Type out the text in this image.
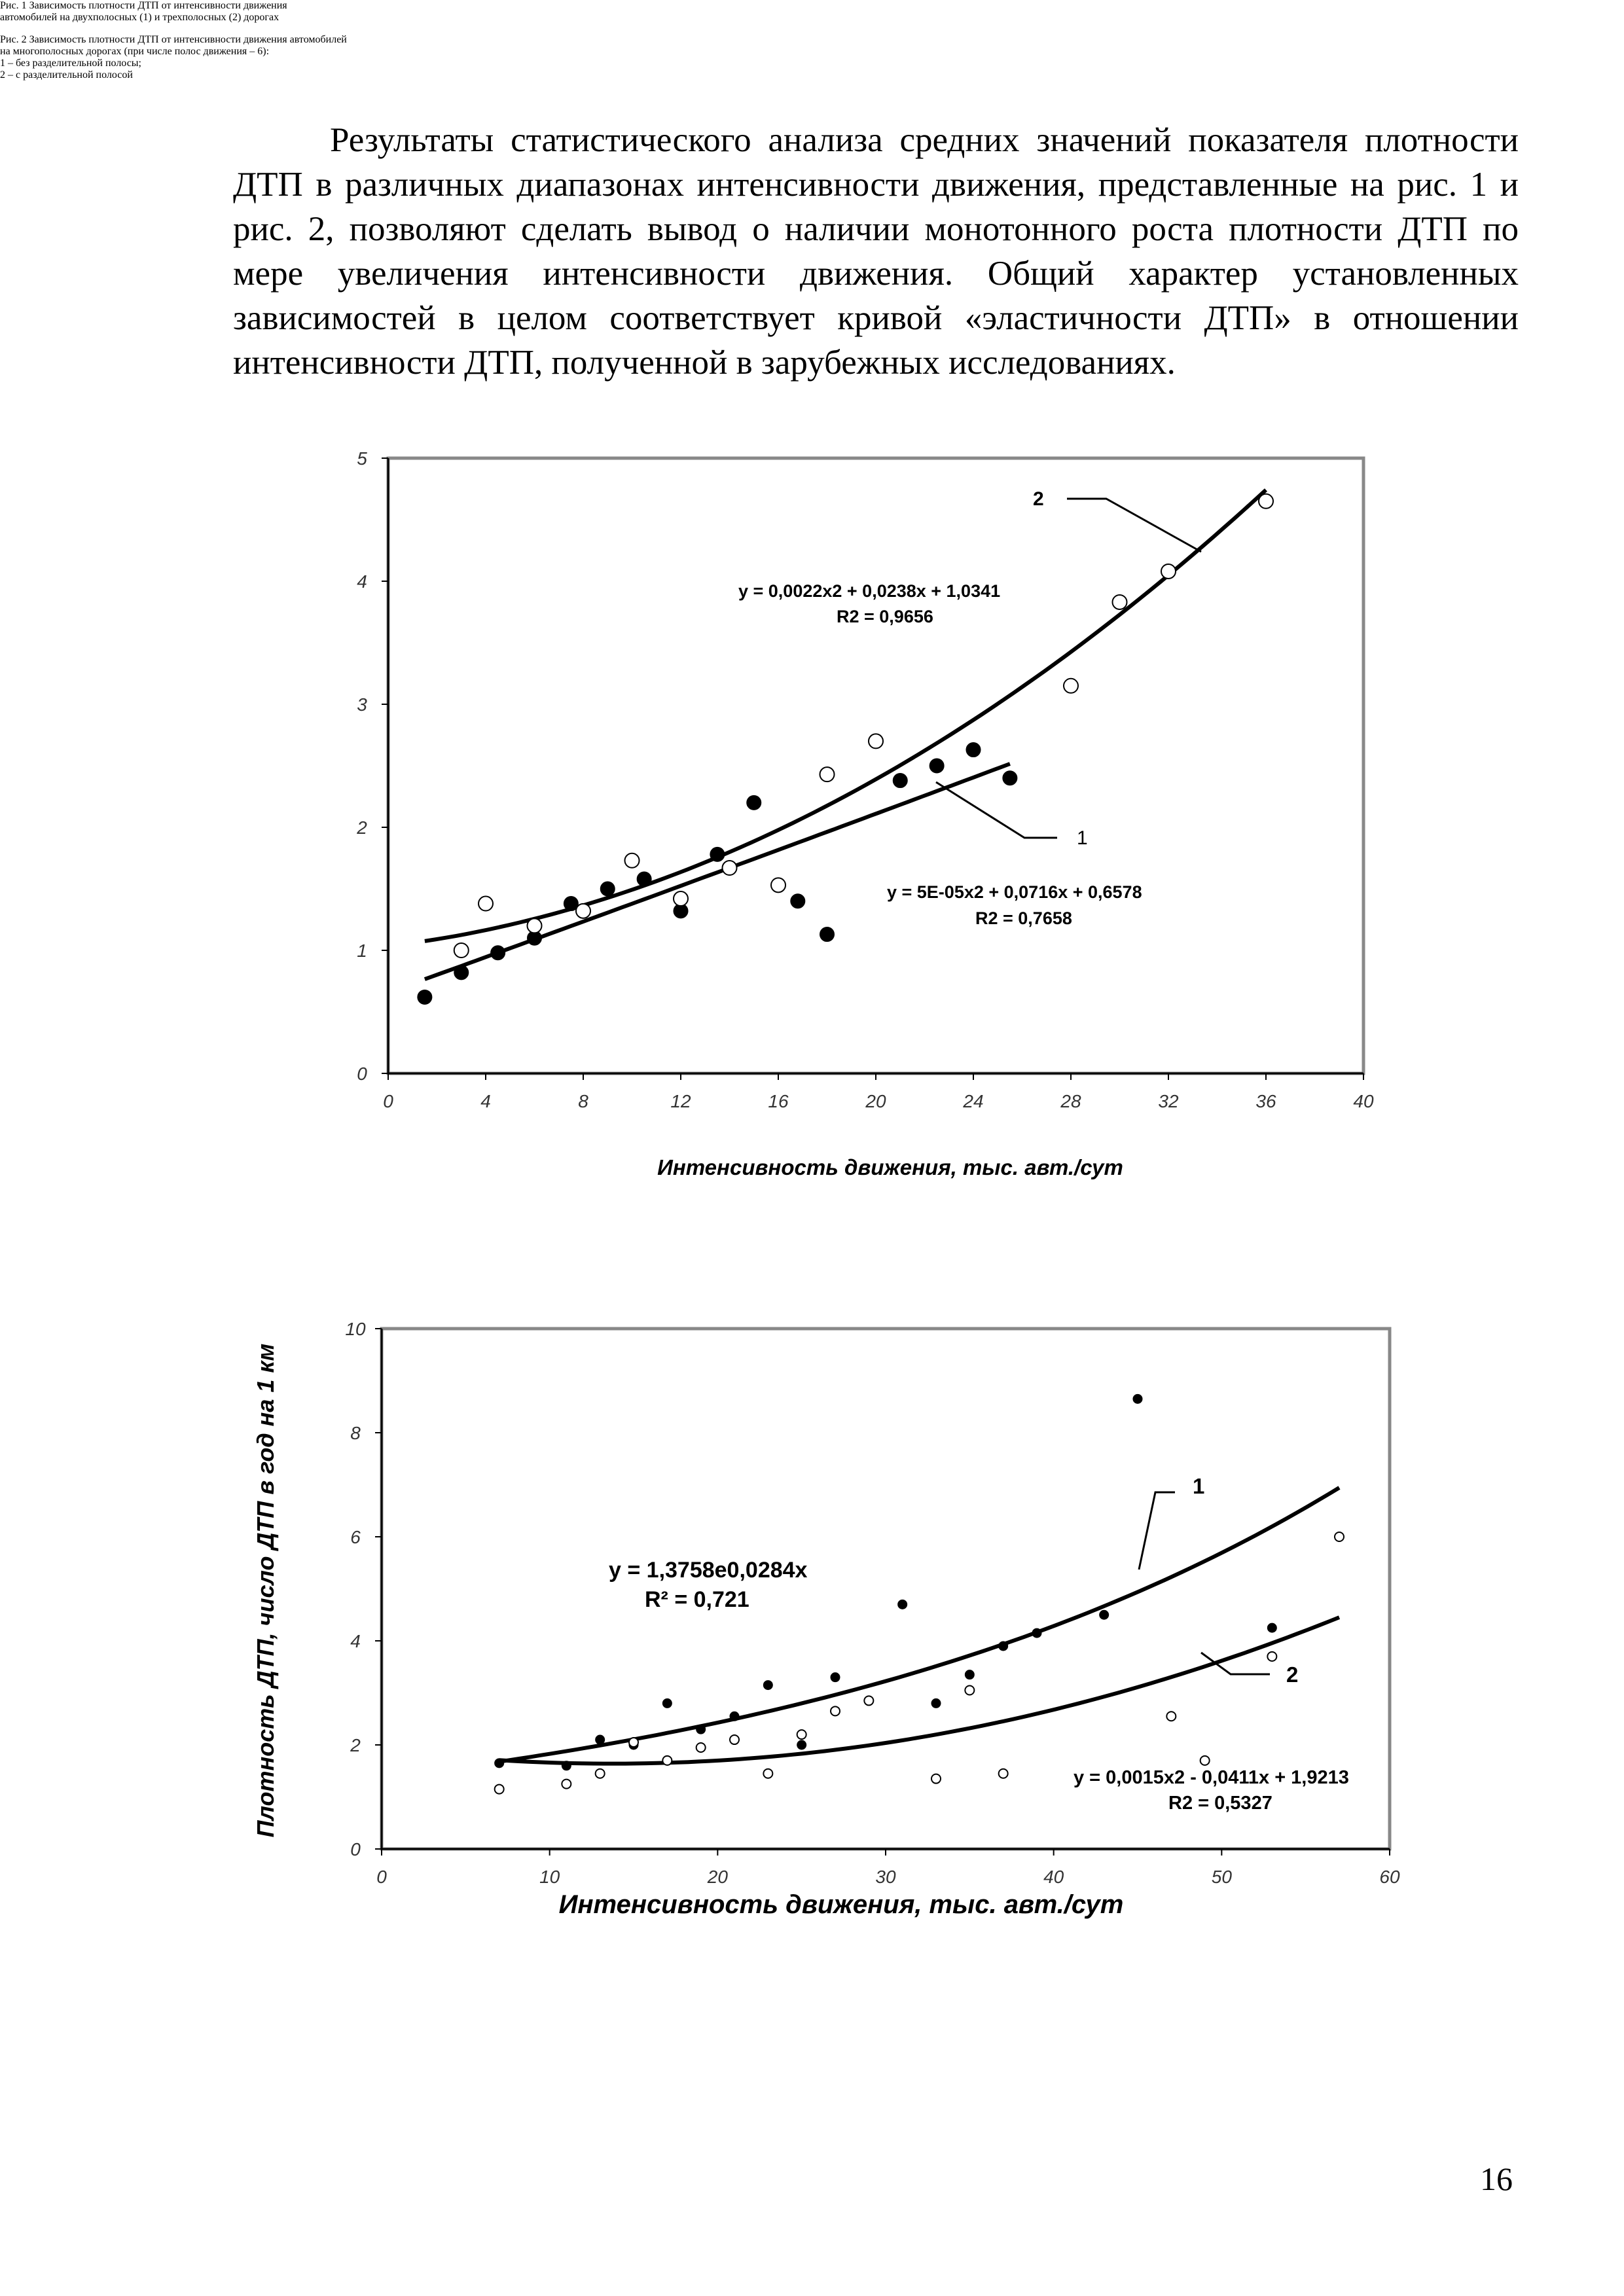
Результаты статистического анализа средних значений показателя плотности ДТП в различных диапазонах интенсивности движения, представленные на рис. 1 и рис. 2, позволяют сделать вывод о наличии монотонного роста плотности ДТП по мере увеличения интенсивности движения. Общий характер установленных зависимостей в целом соответствует кривой «эластичности ДТП» в отношении интенсивности ДТП, полученной в зарубежных исследованиях.

0	4	8	12	16	20	24	28	32	36	40
0
1
2
3
4
5
2
1
y = 0,0022x2 + 0,0238x + 1,0341
R2 = 0,9656
y = 5E-05x2 + 0,0716x + 0,6578
R2 = 0,7658
Интенсивность движения, тыс. авт./сут

Рис. 1 Зависимость плотности ДТП от интенсивности движения
автомобилей на двухполосных (1) и трехполосных (2) дорогах

0	10	20	30	40	50	60
0
2
4
6
8
10
1
2
y = 1,3758e0,0284x
R² = 0,721
y = 0,0015x2 - 0,0411x + 1,9213
R2 = 0,5327
Интенсивность движения, тыс. авт./сут
Плотность ДТП, число ДТП в год на 1 км

Рис. 2 Зависимость плотности ДТП от интенсивности движения автомобилей
на многополосных дорогах (при числе полос движения – 6):
1 – без разделительной полосы;
2 – с разделительной полосой

16
